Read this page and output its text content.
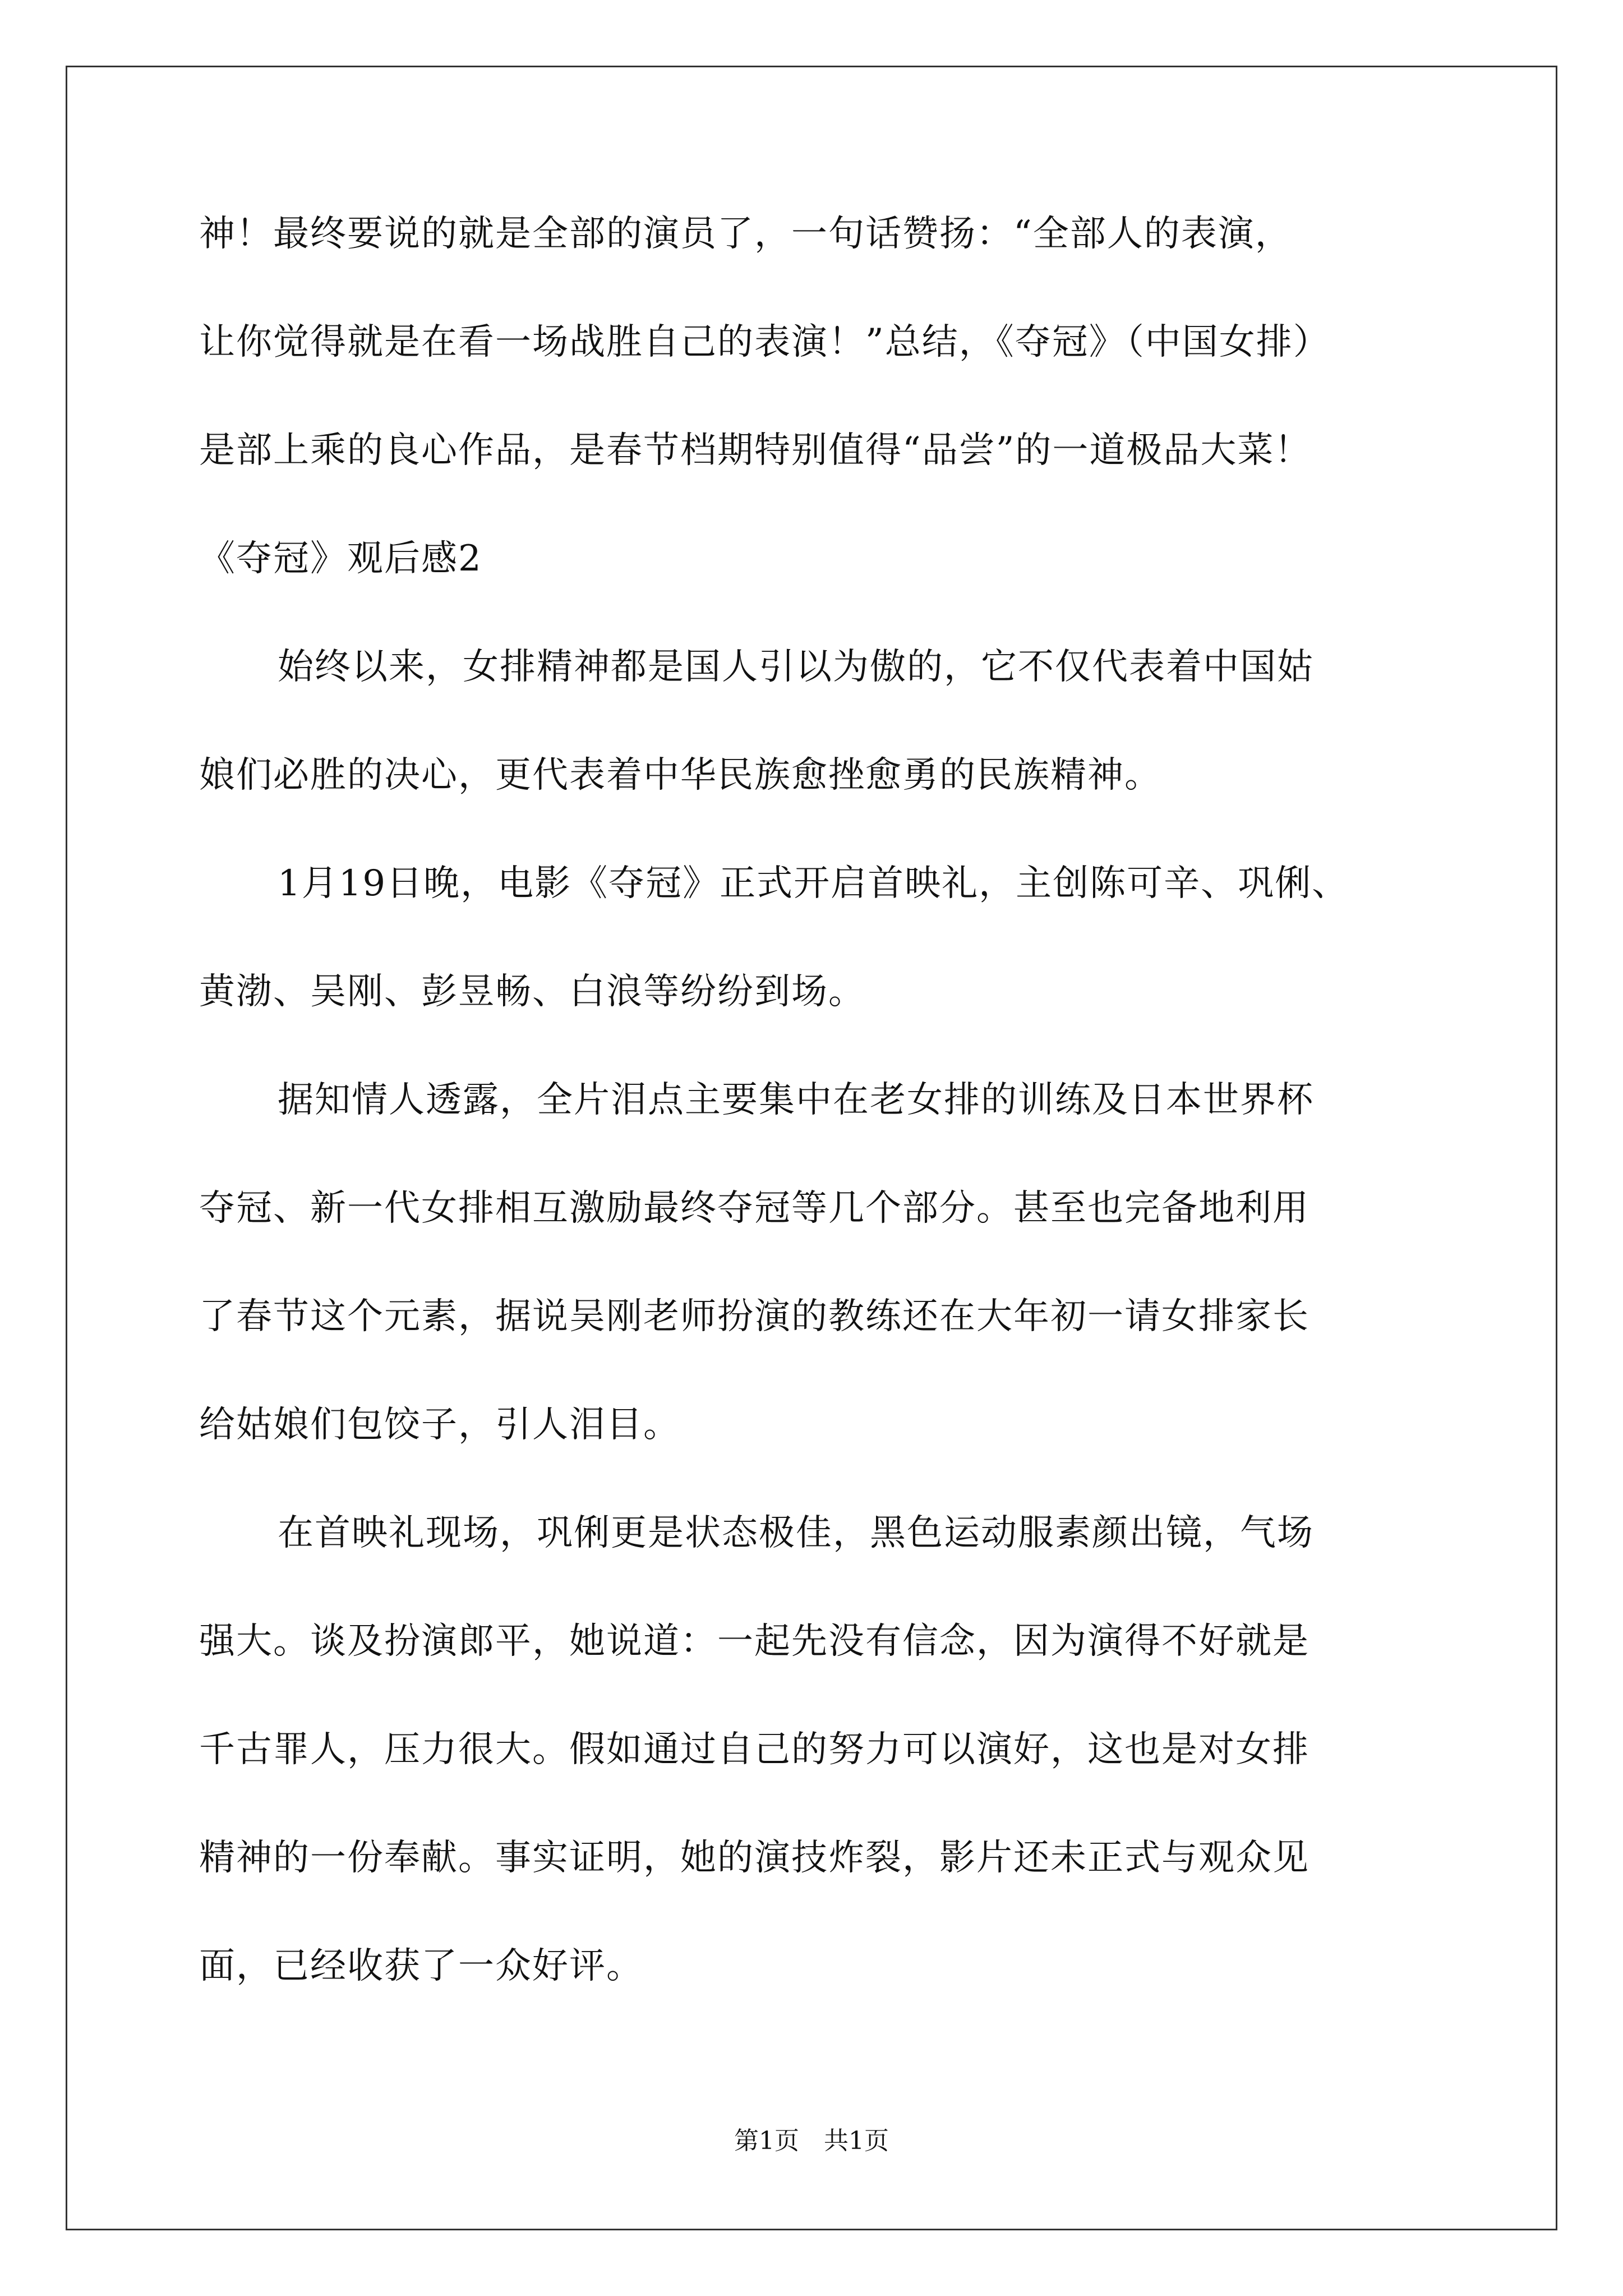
神！最终要说的就是全部的演员了，一句话赞扬：“全部人的表演，

让你觉得就是在看一场战胜自己的表演！”总结，《夺冠》（中国女排）

是部上乘的良心作品，是春节档期特别值得“品尝”的一道极品大菜！

《夺冠》观后感2

始终以来，女排精神都是国人引以为傲的，它不仅代表着中国姑

娘们必胜的决心，更代表着中华民族愈挫愈勇的民族精神。

1月19日晚，电影《夺冠》正式开启首映礼，主创陈可辛、巩俐、

黄渤、吴刚、彭昱畅、白浪等纷纷到场。

据知情人透露，全片泪点主要集中在老女排的训练及日本世界杯

夺冠、新一代女排相互激励最终夺冠等几个部分。甚至也完备地利用

了春节这个元素，据说吴刚老师扮演的教练还在大年初一请女排家长

给姑娘们包饺子，引人泪目。

在首映礼现场，巩俐更是状态极佳，黑色运动服素颜出镜，气场

强大。谈及扮演郎平，她说道：一起先没有信念，因为演得不好就是

千古罪人，压力很大。假如通过自己的努力可以演好，这也是对女排

精神的一份奉献。事实证明，她的演技炸裂，影片还未正式与观众见

面，已经收获了一众好评。

第1页　共1页
